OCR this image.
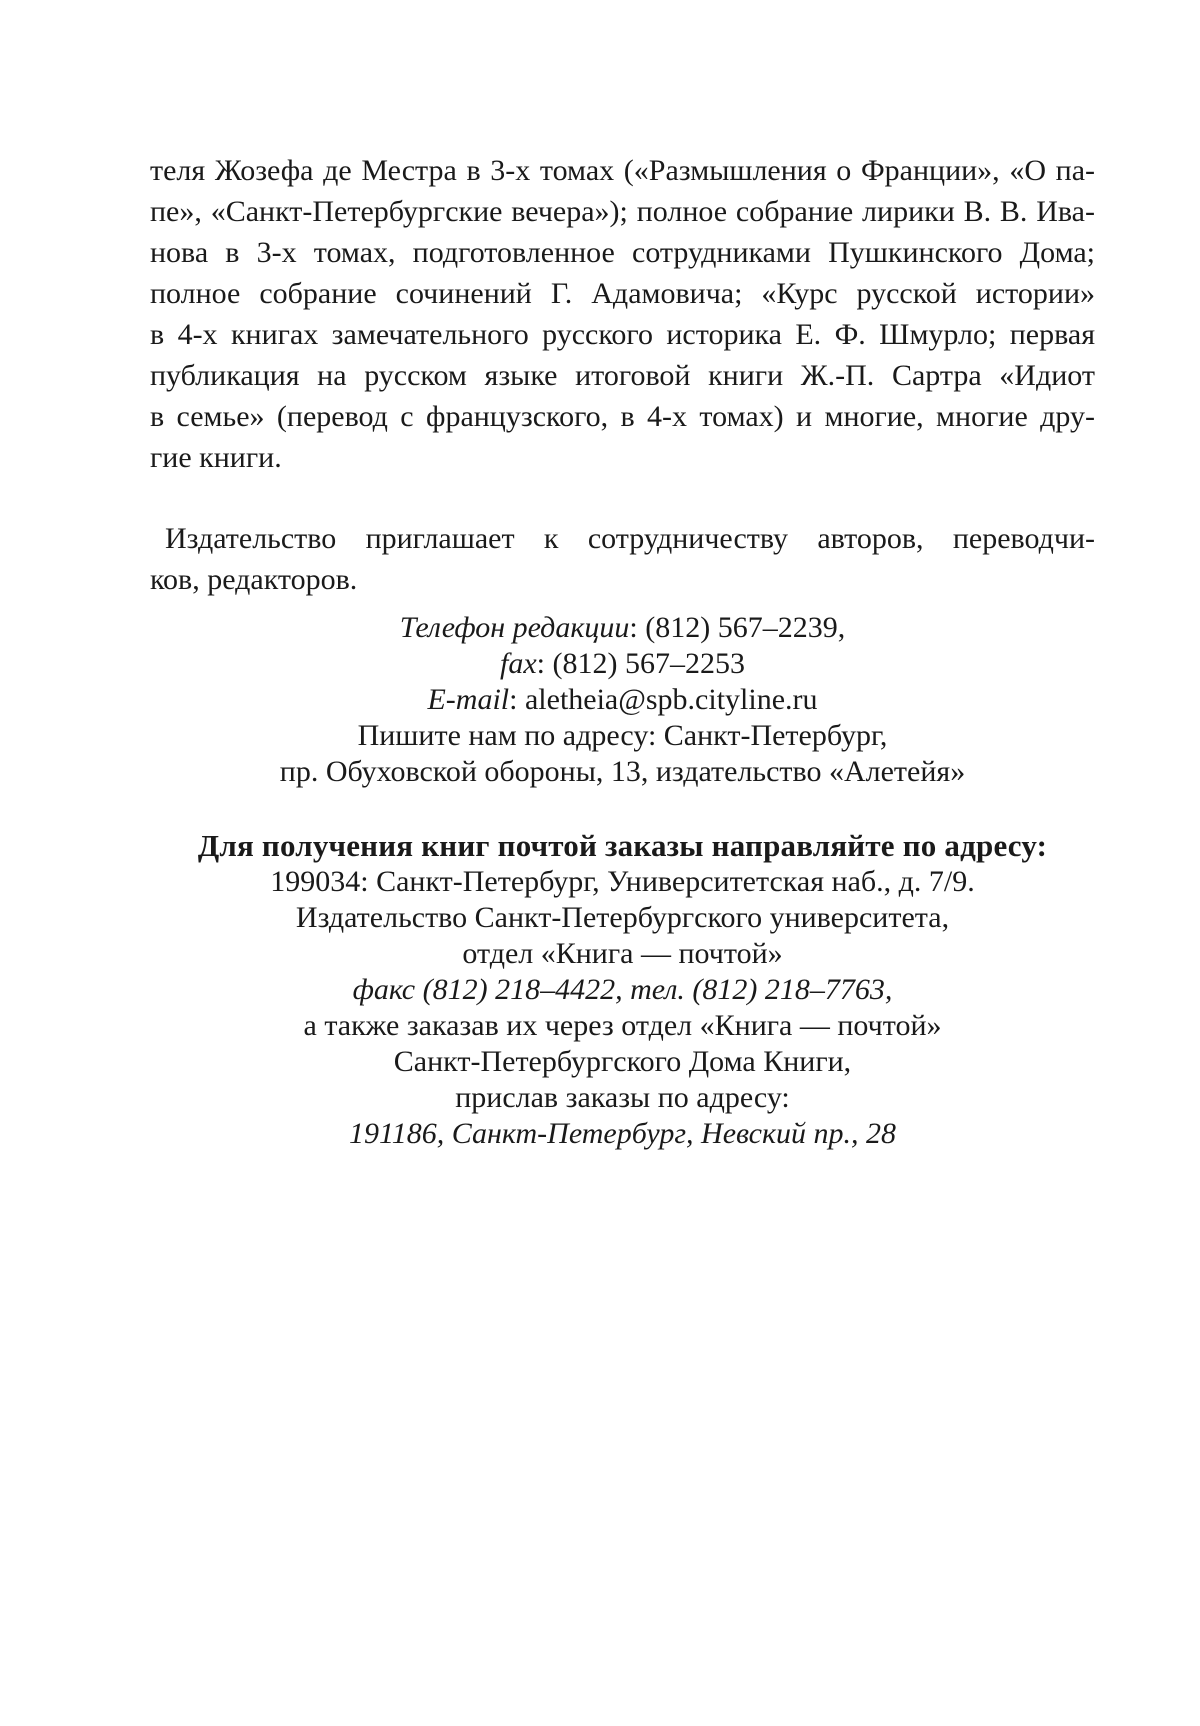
теля Жозефа де Местра в 3-х томах («Размышления о Франции», «О па-
пе», «Санкт-Петербургские вечера»); полное собрание лирики В. В. Ива-
нова в 3-х томах, подготовленное сотрудниками Пушкинского Дома;
полное собрание сочинений Г. Адамовича; «Курс русской истории»
в 4-х книгах замечательного русского историка Е. Ф. Шмурло; первая
публикация на русском языке итоговой книги Ж.-П. Сартра «Идиот
в семье» (перевод с французского, в 4-х томах) и многие, многие дру-
гие книги.

Издательство приглашает к сотрудничеству авторов, переводчи-
ков, редакторов.

Телефон редакции: (812) 567–2239,
fax: (812) 567–2253
E-mail: aletheia@spb.cityline.ru
Пишите нам по адресу: Санкт-Петербург,
пр. Обуховской обороны, 13, издательство «Алетейя»
Для получения книг почтой заказы направляйте по адресу:
199034: Санкт-Петербург, Университетская наб., д. 7/9.
Издательство Санкт-Петербургского университета,
отдел «Книга — почтой»
факс (812) 218–4422, тел. (812) 218–7763,
а также заказав их через отдел «Книга — почтой»
Санкт-Петербургского Дома Книги,
прислав заказы по адресу:
191186, Санкт-Петербург, Невский пр., 28
